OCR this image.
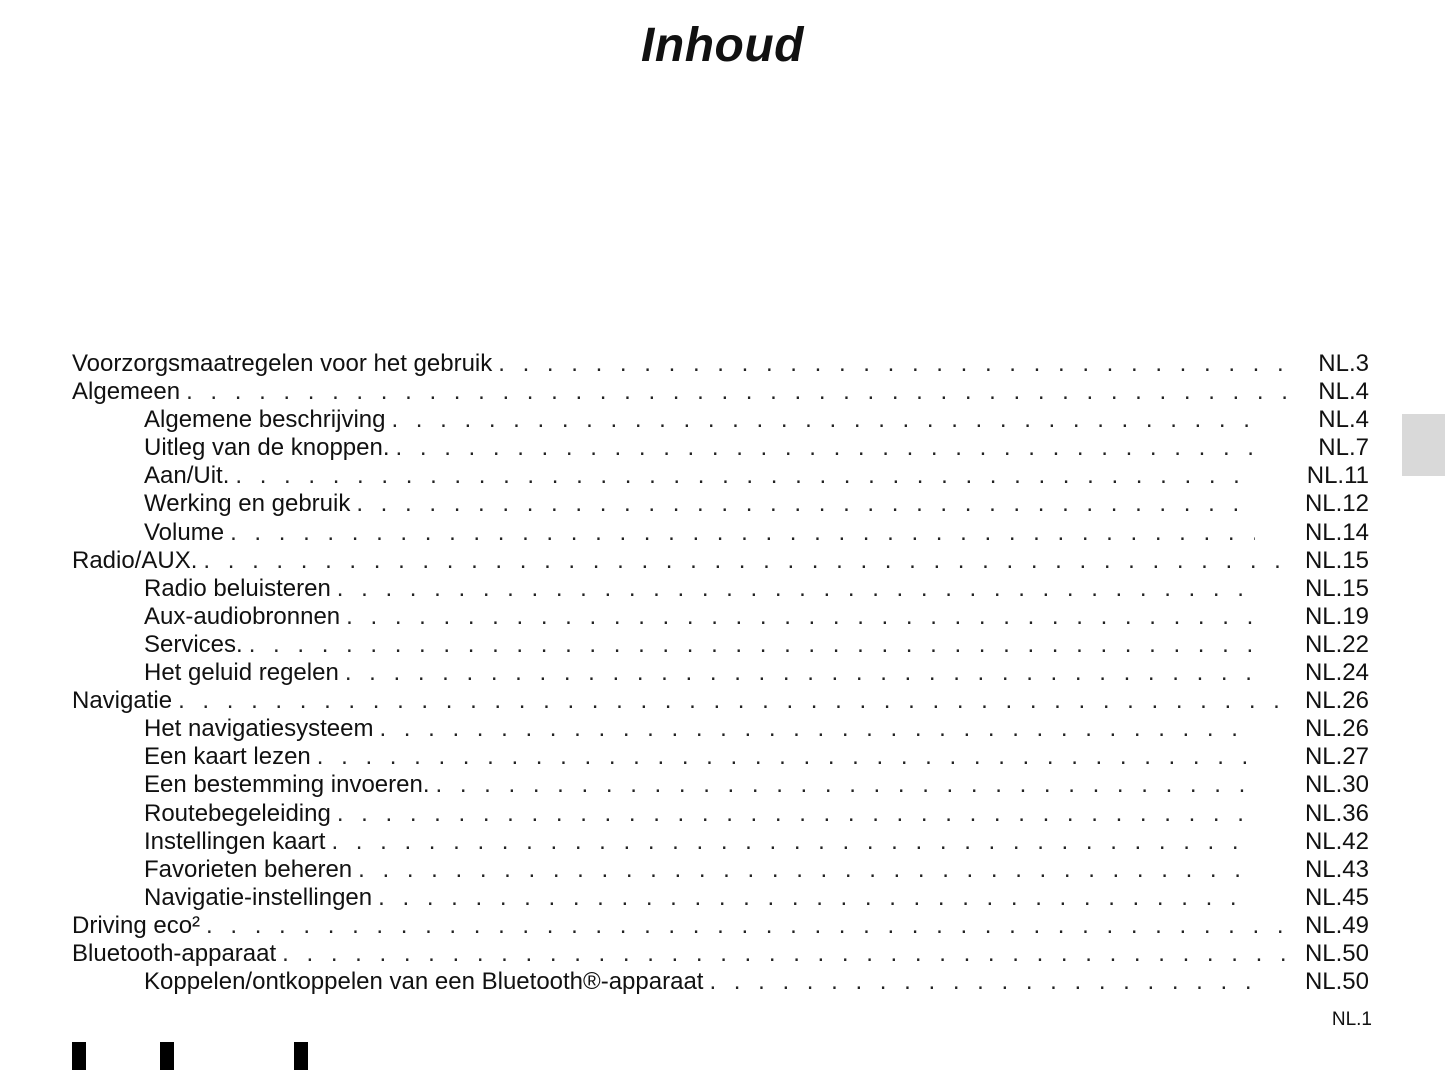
Inhoud
Voorzorgsmaatregelen voor het gebruik . . .	NL.3
Algemeen . . .	NL.4
Algemene beschrijving . . .	NL.4
Uitleg van de knoppen. . . .	NL.7
Aan/Uit. . . .	NL.11
Werking en gebruik . . .	NL.12
Volume . . .	NL.14
Radio/AUX. . . .	NL.15
Radio beluisteren . . .	NL.15
Aux-audiobronnen . . .	NL.19
Services. . . .	NL.22
Het geluid regelen . . .	NL.24
Navigatie . . .	NL.26
Het navigatiesysteem . . .	NL.26
Een kaart lezen . . .	NL.27
Een bestemming invoeren. . . .	NL.30
Routebegeleiding . . .	NL.36
Instellingen kaart . . .	NL.42
Favorieten beheren . . .	NL.43
Navigatie-instellingen . . .	NL.45
Driving eco² . . .	NL.49
Bluetooth-apparaat . . .	NL.50
Koppelen/ontkoppelen van een Bluetooth®-apparaat . . .	NL.50
NL.1
